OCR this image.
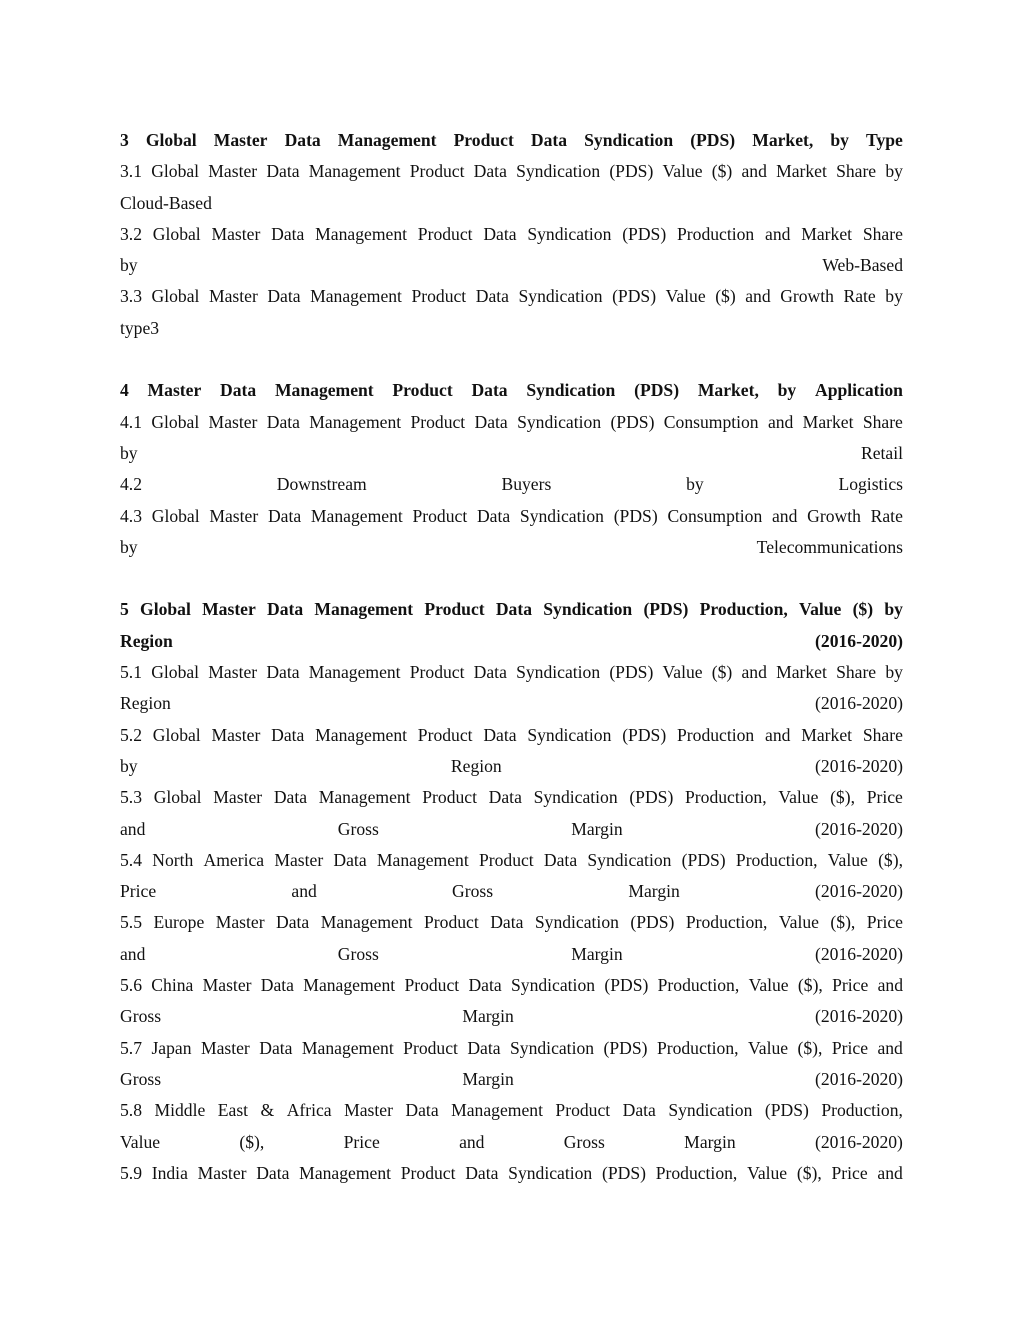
3 Global Master Data Management Product Data Syndication (PDS) Market, by Type
3.1 Global Master Data Management Product Data Syndication (PDS) Value ($) and Market Share by
Cloud-Based
3.2 Global Master Data Management Product Data Syndication (PDS) Production and Market Share
by	Web-Based
3.3 Global Master Data Management Product Data Syndication (PDS) Value ($) and Growth Rate by
type3
4 Master Data Management Product Data Syndication (PDS) Market, by Application
4.1 Global Master Data Management Product Data Syndication (PDS) Consumption and Market Share
by	Retail
4.2	Downstream	Buyers	by	Logistics
4.3 Global Master Data Management Product Data Syndication (PDS) Consumption and Growth Rate
by	Telecommunications
5 Global Master Data Management Product Data Syndication (PDS) Production, Value ($) by
Region	(2016-2020)
5.1 Global Master Data Management Product Data Syndication (PDS) Value ($) and Market Share by
Region	(2016-2020)
5.2 Global Master Data Management Product Data Syndication (PDS) Production and Market Share
by	Region	(2016-2020)
5.3 Global Master Data Management Product Data Syndication (PDS) Production, Value ($), Price
and	Gross	Margin	(2016-2020)
5.4 North America Master Data Management Product Data Syndication (PDS) Production, Value ($),
Price	and	Gross	Margin	(2016-2020)
5.5 Europe Master Data Management Product Data Syndication (PDS) Production, Value ($), Price
and	Gross	Margin	(2016-2020)
5.6 China Master Data Management Product Data Syndication (PDS) Production, Value ($), Price and
Gross	Margin	(2016-2020)
5.7 Japan Master Data Management Product Data Syndication (PDS) Production, Value ($), Price and
Gross	Margin	(2016-2020)
5.8 Middle East & Africa Master Data Management Product Data Syndication (PDS) Production,
Value	($),	Price	and	Gross	Margin	(2016-2020)
5.9 India Master Data Management Product Data Syndication (PDS) Production, Value ($), Price and
